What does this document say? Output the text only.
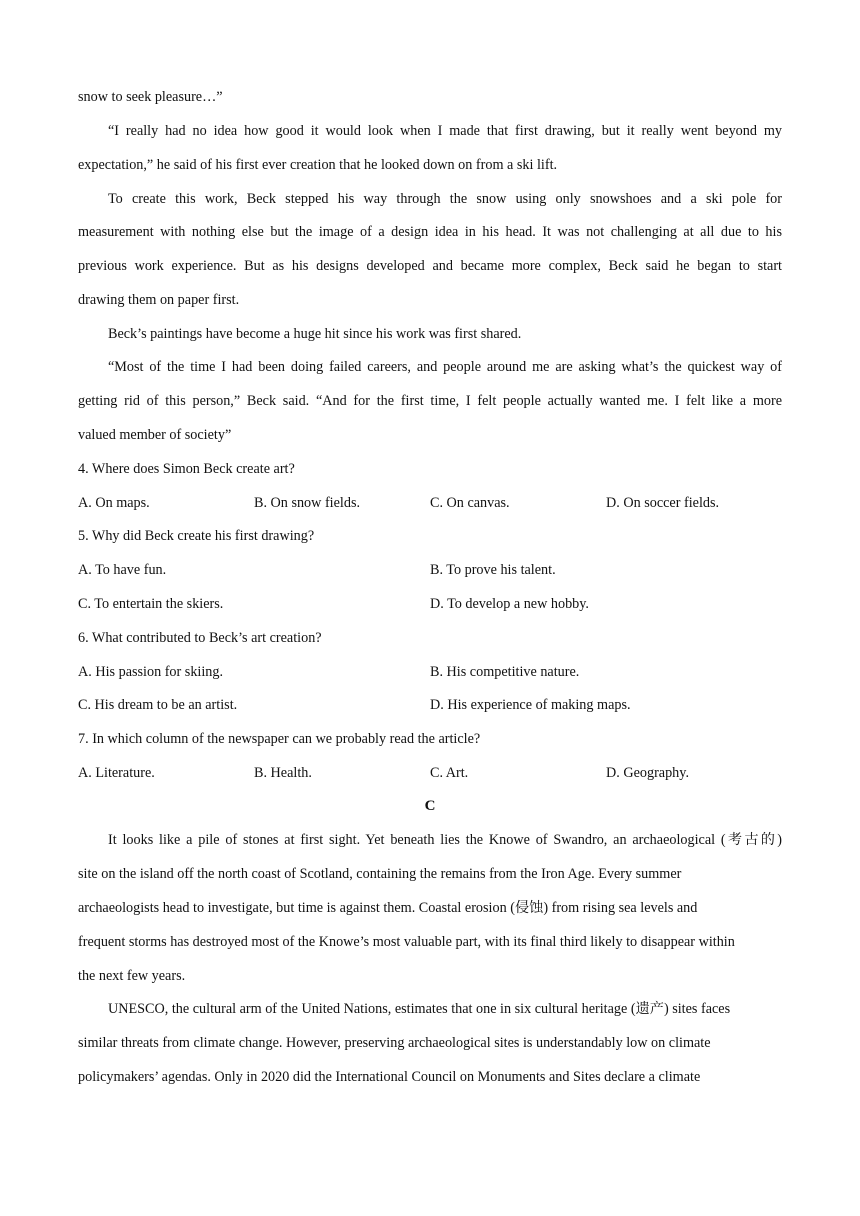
snow to seek pleasure…”
“I really had no idea how good it would look when I made that first drawing, but it really went beyond my
expectation,” he said of his first ever creation that he looked down on from a ski lift.
To create this work, Beck stepped his way through the snow using only snowshoes and a ski pole for
measurement with nothing else but the image of a design idea in his head. It was not challenging at all due to his
previous work experience. But as his designs developed and became more complex, Beck said he began to start
drawing them on paper first.
Beck’s paintings have become a huge hit since his work was first shared.
“Most of the time I had been doing failed careers, and people around me are asking what’s the quickest way of
getting rid of this person,” Beck said. “And for the first time, I felt people actually wanted me. I felt like a more
valued member of society”
4. Where does Simon Beck create art?
A. On maps.	B. On snow fields.	C. On canvas.	D. On soccer fields.
5. Why did Beck create his first drawing?
A. To have fun.	B. To prove his talent.
C. To entertain the skiers.	D. To develop a new hobby.
6. What contributed to Beck’s art creation?
A. His passion for skiing.	B. His competitive nature.
C. His dream to be an artist.	D. His experience of making maps.
7. In which column of the newspaper can we probably read the article?
A. Literature.	B. Health.	C. Art.	D. Geography.
C
It looks like a pile of stones at first sight. Yet beneath lies the Knowe of Swandro, an archaeological (考古的)
site on the island off the north coast of Scotland, containing the remains from the Iron Age. Every summer
archaeologists head to investigate, but time is against them. Coastal erosion (侵蚀) from rising sea levels and
frequent storms has destroyed most of the Knowe’s most valuable part, with its final third likely to disappear within
the next few years.
UNESCO, the cultural arm of the United Nations, estimates that one in six cultural heritage (遗产) sites faces
similar threats from climate change. However, preserving archaeological sites is understandably low on climate
policymakers’ agendas. Only in 2020 did the International Council on Monuments and Sites declare a climate
